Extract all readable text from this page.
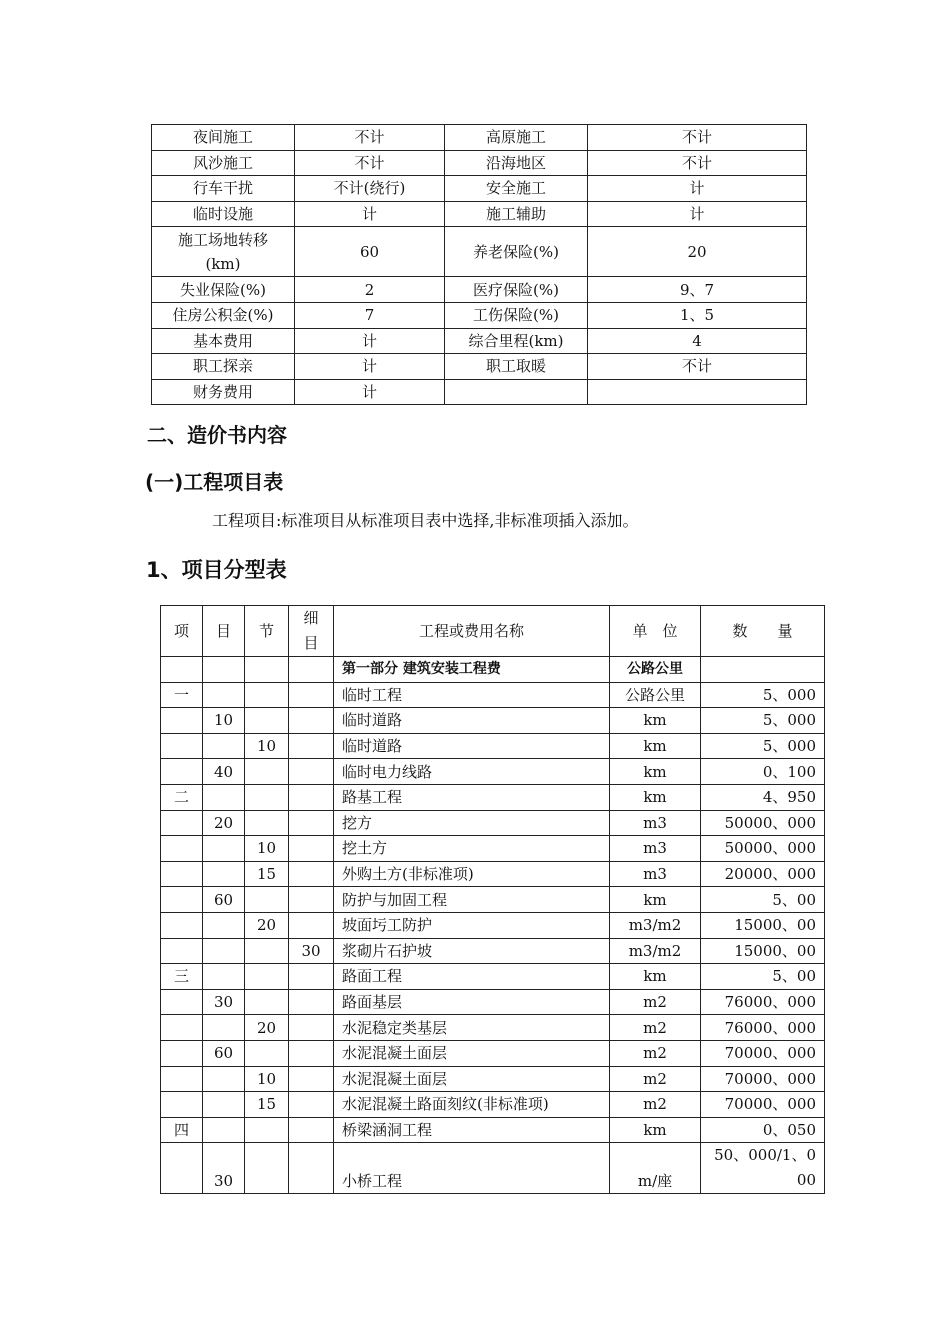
夜间施工	不计	高原施工	不计
风沙施工	不计	沿海地区	不计
行车干扰	不计(绕行)	安全施工	计
临时设施	计	施工辅助	计
施工场地转移(km)	60	养老保险(%)	20
失业保险(%)	2	医疗保险(%)	9、7
住房公积金(%)	7	工伤保险(%)	1、5
基本费用	计	综合里程(km)	4
职工探亲	计	职工取暖	不计
财务费用	计		
二、造价书内容
(一)工程项目表

工程项目:标准项目从标准项目表中选择,非标准项插入添加。

1、项目分型表
项	目	节	细目	工程或费用名称	单　位	数　　量
				第一部分 建筑安装工程费	公路公里	
一				临时工程	公路公里	5、000
	10			临时道路	km	5、000
		10		临时道路	km	5、000
	40			临时电力线路	km	0、100
二				路基工程	km	4、950
	20			挖方	m3	50000、000
		10		挖土方	m3	50000、000
		15		外购土方(非标准项)	m3	20000、000
	60			防护与加固工程	km	5、00
		20		坡面圬工防护	m3/m2	15000、00
			30	浆砌片石护坡	m3/m2	15000、00
三				路面工程	km	5、00
	30			路面基层	m2	76000、000
		20		水泥稳定类基层	m2	76000、000
	60			水泥混凝土面层	m2	70000、000
		10		水泥混凝土面层	m2	70000、000
		15		水泥混凝土路面刻纹(非标准项)	m2	70000、000
四				桥梁涵洞工程	km	0、050
	30			小桥工程	m/座	50、000/1、000
